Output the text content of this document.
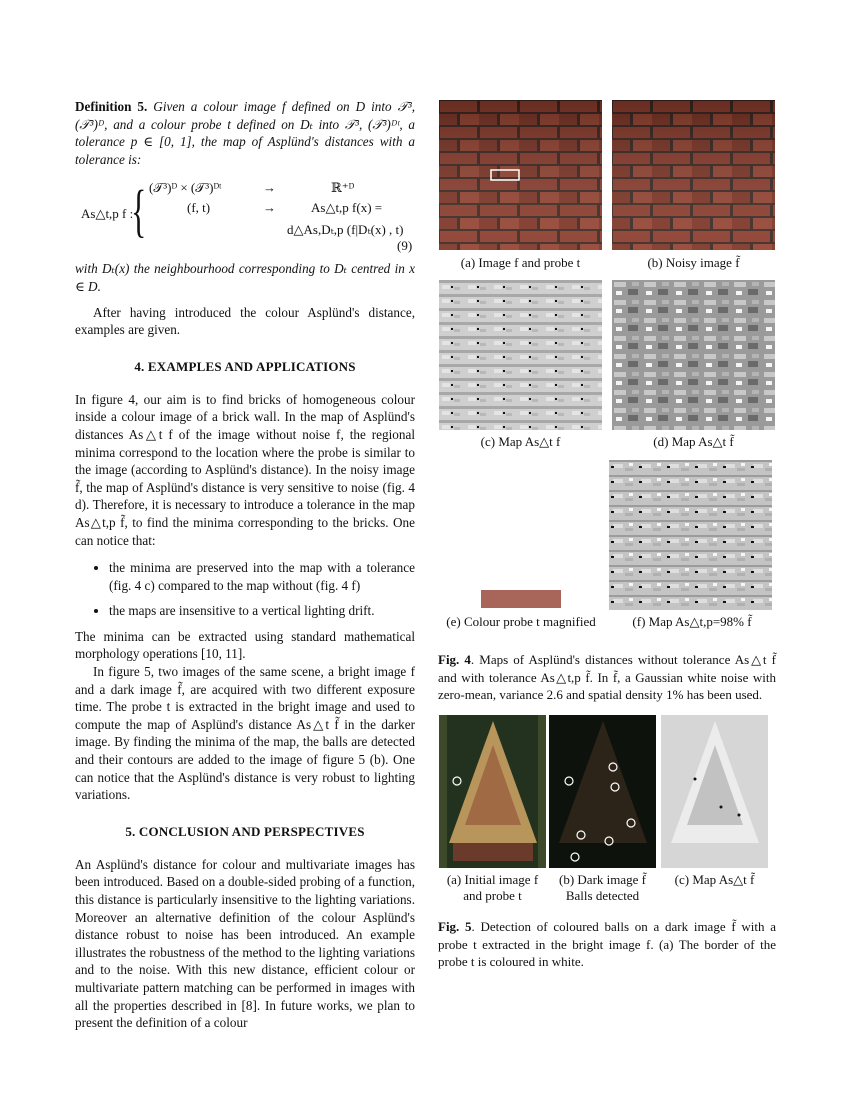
Definition 5. Given a colour image f defined on D into 𝒯³, (𝒯³)ᴰ, and a colour probe t defined on Dₜ into 𝒯³, (𝒯³)ᴰᵗ, a tolerance p ∈ [0, 1], the map of Asplünd's distances with a tolerance is:

As△t,p f :
{ (𝒯³)ᴰ × (𝒯³)ᴰᵗ	→	ℝ⁺ᴰ
(f, t)	→	As△t,p f(x) =
d△As,Dₜ,p (f|Dₜ(x) , t)
(9)

with Dₜ(x) the neighbourhood corresponding to Dₜ centred in x ∈ D.

After having introduced the colour Asplünd's distance, examples are given.

4. EXAMPLES AND APPLICATIONS

In figure 4, our aim is to find bricks of homogeneous colour inside a colour image of a brick wall. In the map of Asplünd's distances As△t f of the image without noise f, the regional minima correspond to the location where the probe is similar to the image (according to Asplünd's distance). In the noisy image f̃, the map of Asplünd's distance is very sensitive to noise (fig. 4 d). Therefore, it is necessary to introduce a tolerance in the map As△t,p f̃, to find the minima corresponding to the bricks. One can notice that:

• the minima are preserved into the map with a tolerance (fig. 4 c) compared to the map without (fig. 4 f)
• the maps are insensitive to a vertical lighting drift.

The minima can be extracted using standard mathematical morphology operations [10, 11].

In figure 5, two images of the same scene, a bright image f and a dark image f̃, are acquired with two different exposure time. The probe t is extracted in the bright image and used to compute the map of Asplünd's distance As△t f̃ in the darker image. By finding the minima of the map, the balls are detected and their contours are added to the image of figure 5 (b). One can notice that the Asplünd's distance is very robust to lighting variations.

5. CONCLUSION AND PERSPECTIVES

An Asplünd's distance for colour and multivariate images has been introduced. Based on a double-sided probing of a function, this distance is particularly insensitive to the lighting variations. Moreover an alternative definition of the colour Asplünd's distance robust to noise has been introduced. An example illustrates the robustness of the method to the lighting variations and to the noise. With this new distance, efficient colour or multivariate pattern matching can be performed in images with all the properties described in [8]. In future works, we plan to present the definition of a colour

(a) Image f and probe t	(b) Noisy image f̃
(c) Map As△t f	(d) Map As△t f̃
(e) Colour probe t magnified	(f) Map As△t,p=98% f̃
Fig. 4. Maps of Asplünd's distances without tolerance As△t f̃ and with tolerance As△t,p f̃. In f̃, a Gaussian white noise with zero-mean, variance 2.6 and spatial density 1% has been used.
(a) Initial image f and probe t
(b) Dark image f̃ Balls detected
(c) Map As△t f̃
Fig. 5. Detection of coloured balls on a dark image f̃ with a probe t extracted in the bright image f. (a) The border of the probe t is coloured in white.
